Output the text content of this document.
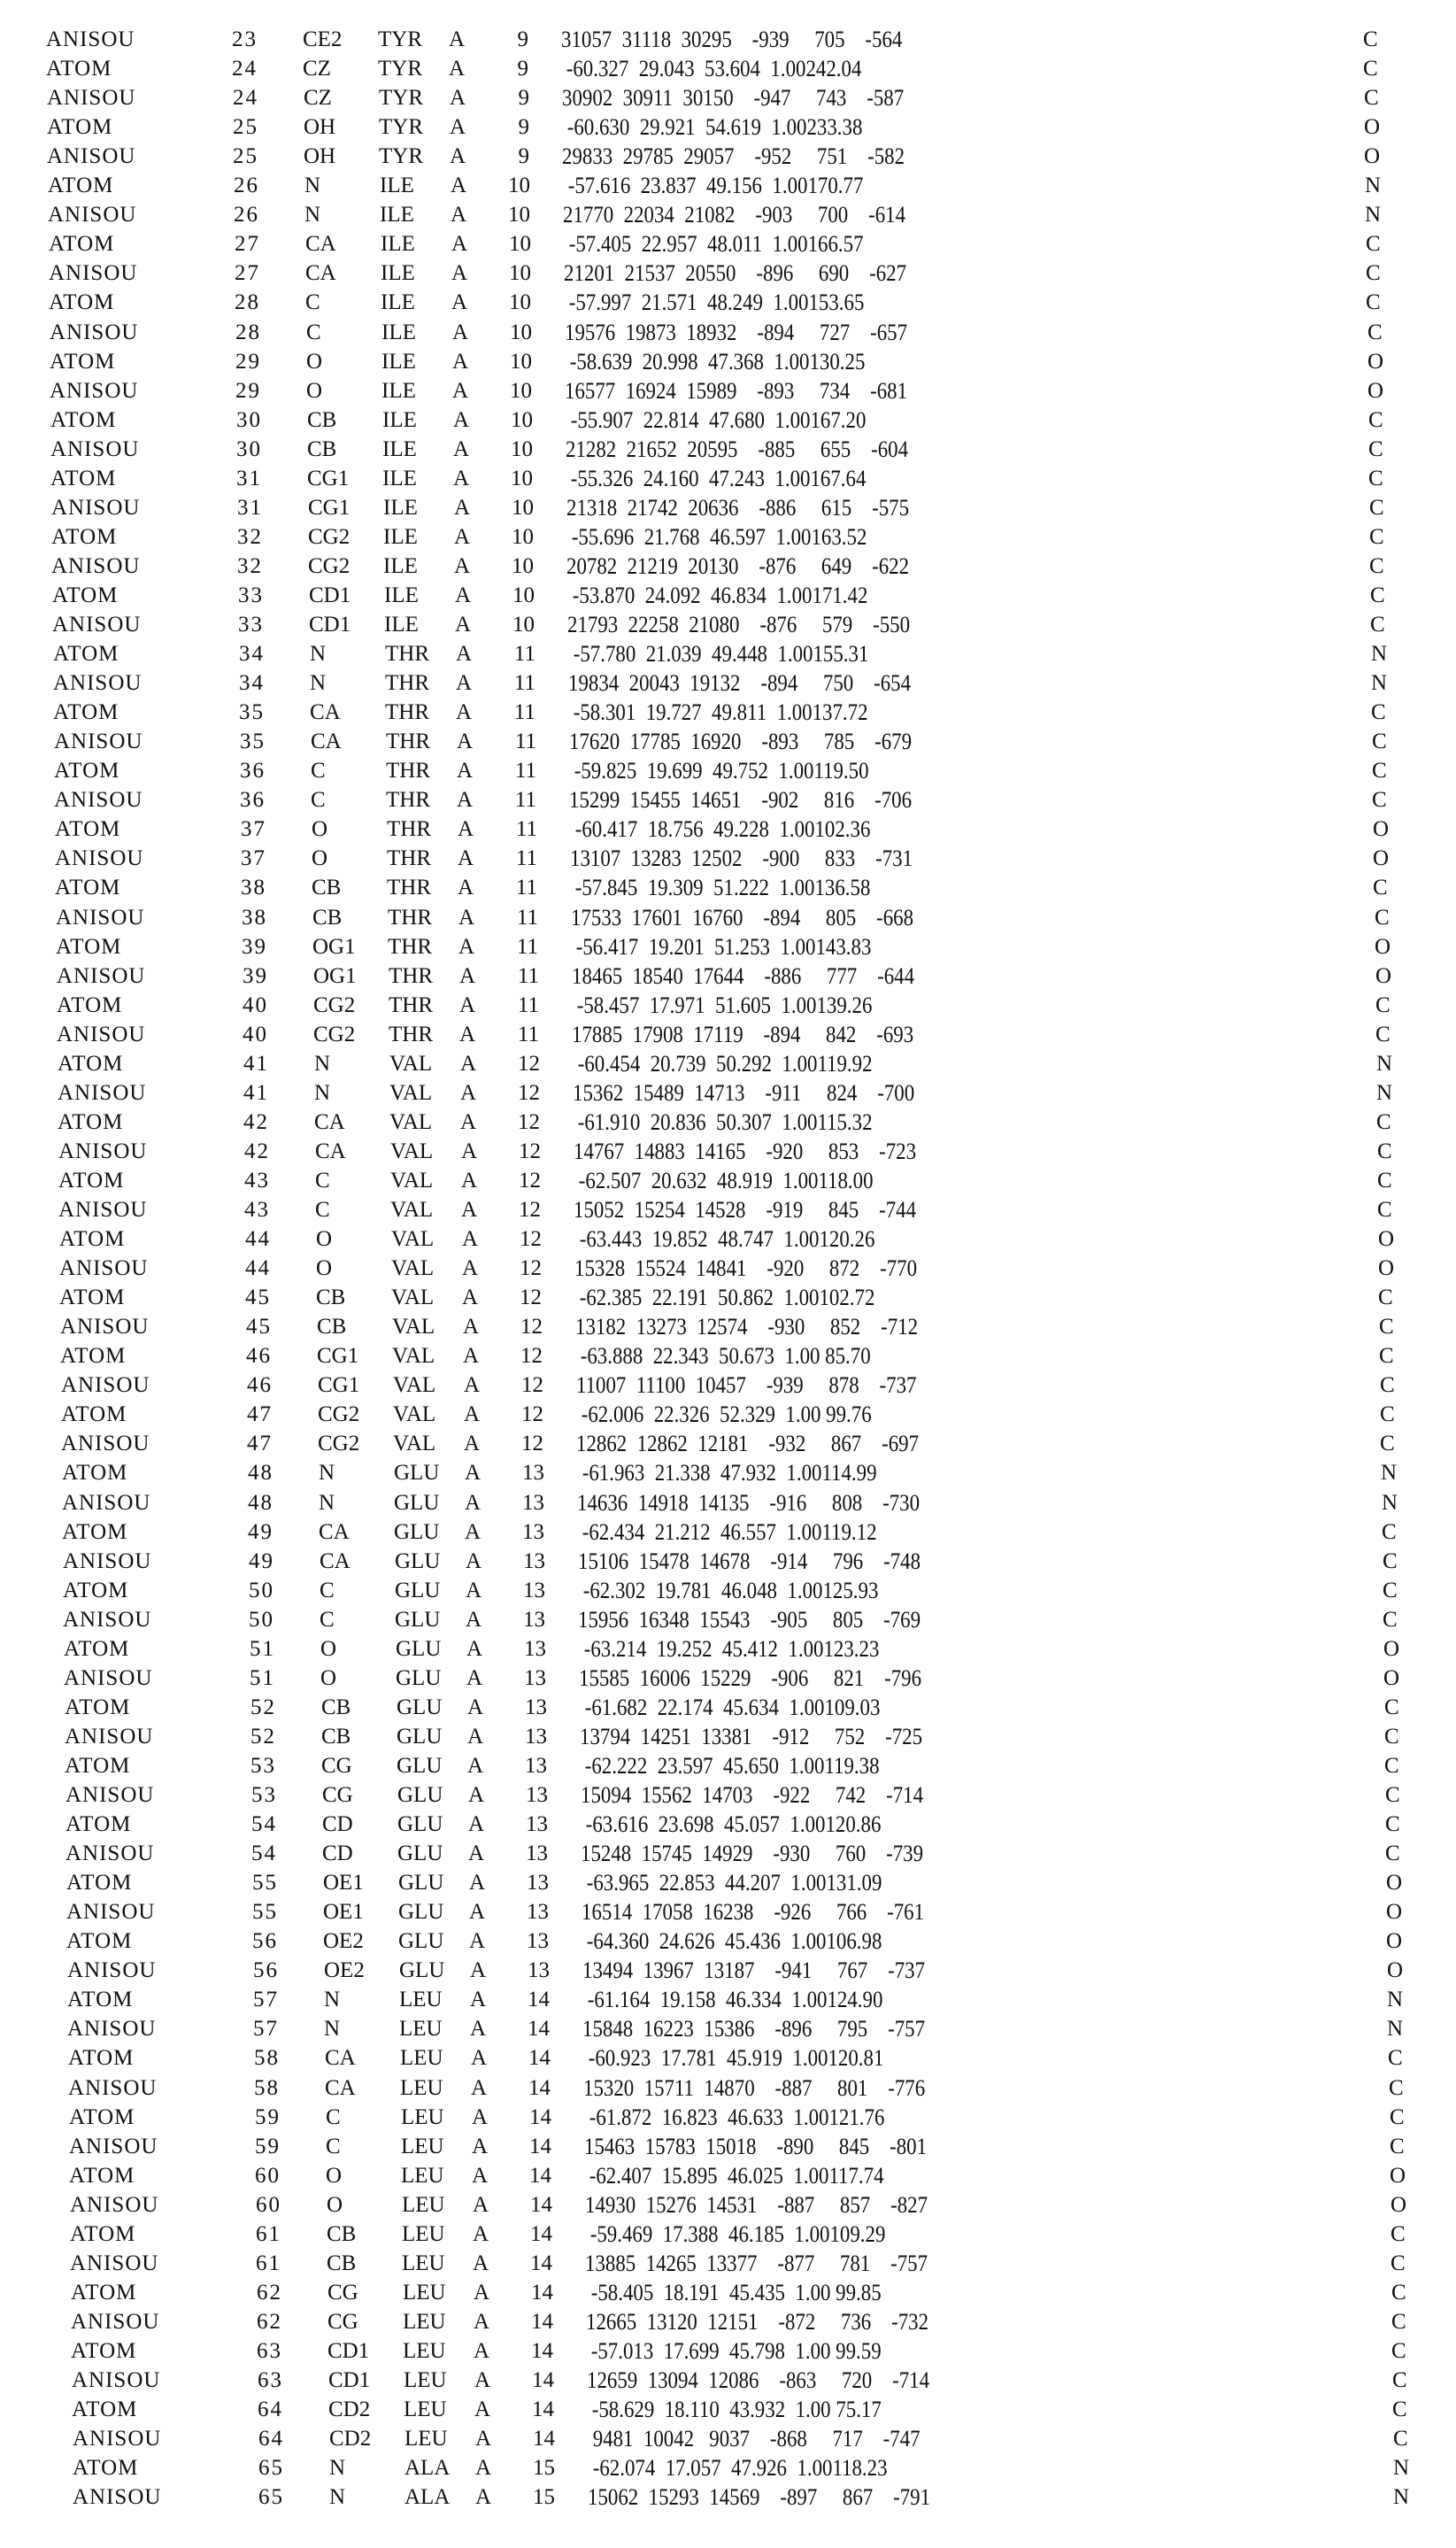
ANISOU	23 CE2 TYR A	9 31057  31118  30295    -939     705    -564	C
ATOM	24 CZ TYR A	9 -60.327  29.043  53.604  1.00242.04	C
ANISOU	24 CZ TYR A	9 30902  30911  30150    -947     743    -587	C
ATOM	25 OH TYR A	9 -60.630  29.921  54.619  1.00233.38	O
ANISOU	25 OH TYR A	9 29833  29785  29057    -952     751    -582	O
ATOM	26 N	ILE A	10 -57.616  23.837  49.156  1.00170.77	N
ANISOU	26 N	ILE A	10 21770  22034  21082    -903     700    -614	N
ATOM	27 CA ILE A	10 -57.405  22.957  48.011  1.00166.57	C
ANISOU	27 CA ILE A	10 21201  21537  20550    -896     690    -627	C
ATOM	28 C	ILE A	10 -57.997  21.571  48.249  1.00153.65	C
ANISOU	28 C	ILE A	10 19576  19873  18932    -894     727    -657	C
ATOM	29 O	ILE A	10 -58.639  20.998  47.368  1.00130.25	O
ANISOU	29 O	ILE A	10 16577  16924  15989    -893     734    -681	O
ATOM	30 CB ILE A	10 -55.907  22.814  47.680  1.00167.20	C
ANISOU	30 CB ILE A	10 21282  21652  20595    -885     655    -604	C
ATOM	31 CG1 ILE A	10 -55.326  24.160  47.243  1.00167.64	C
ANISOU	31 CG1 ILE A	10 21318  21742  20636    -886     615    -575	C
ATOM	32 CG2 ILE A	10 -55.696  21.768  46.597  1.00163.52	C
ANISOU	32 CG2 ILE A	10 20782  21219  20130    -876     649    -622	C
ATOM	33 CD1 ILE A	10 -53.870  24.092  46.834  1.00171.42	C
ANISOU	33 CD1 ILE A	10 21793  22258  21080    -876     579    -550	C
ATOM	34 N	THR A	11 -57.780  21.039  49.448  1.00155.31	N
ANISOU	34 N	THR A	11 19834  20043  19132    -894     750    -654	N
ATOM	35 CA THR A	11 -58.301  19.727  49.811  1.00137.72	C
ANISOU	35 CA THR A	11 17620  17785  16920    -893     785    -679	C
ATOM	36 C	THR A	11 -59.825  19.699  49.752  1.00119.50	C
ANISOU	36 C	THR A	11 15299  15455  14651    -902     816    -706	C
ATOM	37 O	THR A	11 -60.417  18.756  49.228  1.00102.36	O
ANISOU	37 O	THR A	11 13107  13283  12502    -900     833    -731	O
ATOM	38 CB THR A	11 -57.845  19.309  51.222  1.00136.58	C
ANISOU	38 CB THR A	11 17533  17601  16760    -894     805    -668	C
ATOM	39 OG1 THR A	11 -56.417  19.201  51.253  1.00143.83	O
ANISOU	39 OG1 THR A	11 18465  18540  17644    -886     777    -644	O
ATOM	40 CG2 THR A	11 -58.457  17.971  51.605  1.00139.26	C
ANISOU	40 CG2 THR A	11 17885  17908  17119    -894     842    -693	C
ATOM	41 N	VAL A	12 -60.454  20.739  50.292  1.00119.92	N
ANISOU	41 N	VAL A	12 15362  15489  14713    -911     824    -700	N
ATOM	42 CA VAL A	12 -61.910  20.836  50.307  1.00115.32	C
ANISOU	42 CA VAL A	12 14767  14883  14165    -920     853    -723	C
ATOM	43 C	VAL A	12 -62.507  20.632  48.919  1.00118.00	C
ANISOU	43 C	VAL A	12 15052  15254  14528    -919     845    -744	C
ATOM	44 O	VAL A	12 -63.443  19.852  48.747  1.00120.26	O
ANISOU	44 O	VAL A	12 15328  15524  14841    -920     872    -770	O
ATOM	45 CB VAL A	12 -62.385  22.191  50.862  1.00102.72	C
ANISOU	45 CB VAL A	12 13182  13273  12574    -930     852    -712	C
ATOM	46 CG1 VAL A	12 -63.888  22.343  50.673  1.00 85.70	C
ANISOU	46 CG1 VAL A	12 11007  11100  10457    -939     878    -737	C
ATOM	47 CG2 VAL A	12 -62.006  22.326  52.329  1.00 99.76	C
ANISOU	47 CG2 VAL A	12 12862  12862  12181    -932     867    -697	C
ATOM	48 N	GLU A	13 -61.963  21.338  47.932  1.00114.99	N
ANISOU	48 N	GLU A	13 14636  14918  14135    -916     808    -730	N
ATOM	49 CA GLU A	13 -62.434  21.212  46.557  1.00119.12	C
ANISOU	49 CA GLU A	13 15106  15478  14678    -914     796    -748	C
ATOM	50 C	GLU A	13 -62.302  19.781  46.048  1.00125.93	C
ANISOU	50 C	GLU A	13 15956  16348  15543    -905     805    -769	C
ATOM	51 O	GLU A	13 -63.214  19.252  45.412  1.00123.23	O
ANISOU	51 O	GLU A	13 15585  16006  15229    -906     821    -796	O
ATOM	52 CB GLU A	13 -61.682  22.174  45.634  1.00109.03	C
ANISOU	52 CB GLU A	13 13794  14251  13381    -912     752    -725	C
ATOM	53 CG GLU A	13 -62.222  23.597  45.650  1.00119.38	C
ANISOU	53 CG GLU A	13 15094  15562  14703    -922     742    -714	C
ATOM	54 CD GLU A	13 -63.616  23.698  45.057  1.00120.86	C
ANISOU	54 CD GLU A	13 15248  15745  14929    -930     760    -739	C
ATOM	55 OE1 GLU A	13 -63.965  22.853  44.207  1.00131.09	O
ANISOU	55 OE1 GLU A	13 16514  17058  16238    -926     766    -761	O
ATOM	56 OE2 GLU A	13 -64.360  24.626  45.436  1.00106.98	O
ANISOU	56 OE2 GLU A	13 13494  13967  13187    -941     767    -737	O
ATOM	57 N	LEU A	14 -61.164  19.158  46.334  1.00124.90	N
ANISOU	57 N	LEU A	14 15848  16223  15386    -896     795    -757	N
ATOM	58 CA LEU A	14 -60.923  17.781  45.919  1.00120.81	C
ANISOU	58 CA LEU A	14 15320  15711  14870    -887     801    -776	C
ATOM	59 C	LEU A	14 -61.872  16.823  46.633  1.00121.76	C
ANISOU	59 C	LEU A	14 15463  15783  15018    -890     845    -801	C
ATOM	60 O	LEU A	14 -62.407  15.895  46.025  1.00117.74	O
ANISOU	60 O	LEU A	14 14930  15276  14531    -887     857    -827	O
ATOM	61 CB LEU A	14 -59.469  17.388  46.185  1.00109.29	C
ANISOU	61 CB LEU A	14 13885  14265  13377    -877     781    -757	C
ATOM	62 CG LEU A	14 -58.405  18.191  45.435  1.00 99.85	C
ANISOU	62 CG LEU A	14 12665  13120  12151    -872     736    -732	C
ATOM	63 CD1 LEU A	14 -57.013  17.699  45.798  1.00 99.59	C
ANISOU	63 CD1 LEU A	14 12659  13094  12086    -863     720    -714	C
ATOM	64 CD2 LEU A	14 -58.629  18.110  43.932  1.00 75.17	C
ANISOU	64 CD2 LEU A	14 9481  10042   9037    -868     717    -747	C
ATOM	65 N	ALA A	15 -62.074  17.057  47.926  1.00118.23	N
ANISOU	65 N	ALA A	15 15062  15293  14569    -897     867    -791	N
